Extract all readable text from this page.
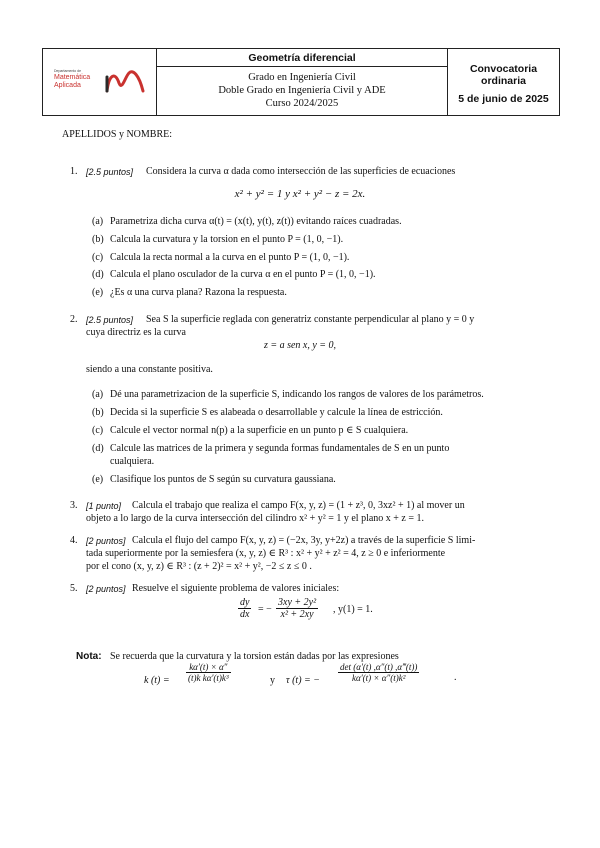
Departamento de
Matemática
Aplicada
Geometría diferencial
Grado en Ingeniería Civil
Doble Grado en Ingeniería Civil y ADE
Curso 2024/2025
Convocatoria ordinaria
5 de junio de 2025
APELLIDOS y NOMBRE:
1. [2.5 puntos] Considera la curva α dada como intersección de las superficies de ecuaciones
x² + y² = 1 y x² + y² − z = 2x.
(a) Parametriza dicha curva α(t) = (x(t), y(t), z(t)) evitando raíces cuadradas.
(b) Calcula la curvatura y la torsion en el punto P = (1, 0, −1).
(c) Calcula la recta normal a la curva en el punto P = (1, 0, −1).
(d) Calcula el plano osculador de la curva α en el punto P = (1, 0, −1).
(e) ¿Es α una curva plana? Razona la respuesta.
2. [2.5 puntos] Sea S la superficie reglada con generatriz constante perpendicular al plano y = 0 y
cuya directriz es la curva
z = a sen x, y = 0,
siendo a una constante positiva.
(a) Dé una parametrizacion de la superficie S, indicando los rangos de valores de los parámetros.
(b) Decida si la superficie S es alabeada o desarrollable y calcule la línea de estricción.
(c) Calcule el vector normal n(p) a la superficie en un punto p ∈ S cualquiera.
(d) Calcule las matrices de la primera y segunda formas fundamentales de S en un punto
cualquiera.
(e) Clasifique los puntos de S según su curvatura gaussiana.
3. [1 punto] Calcula el trabajo que realiza el campo F(x, y, z) = (1 + z³, 0, 3xz² + 1) al mover un
objeto a lo largo de la curva intersección del cilindro x² + y² = 1 y el plano x + z = 1.
4. [2 puntos] Calcula el flujo del campo F(x, y, z) = (−2x, 3y, y+2z) a través de la superficie S limi-
tada superiormente por la semiesfera (x, y, z) ∈ R³ : x² + y² + z² = 4, z ≥ 0 e inferiormente
por el cono (x, y, z) ∈ R³ : (z + 2)² = x² + y², −2 ≤ z ≤ 0 .
5. [2 puntos] Resuelve el siguiente problema de valores iniciales:
$\frac{dy}{dx}$ = − $\frac{\text{3xy + 2y²}}{\text{x² + 2xy}}$ , y(1) = 1.
Nota: Se recuerda que la curvatura y la torsion están dadas por las expresiones
k $(t) = \frac{k\alpha'(t) \times \alpha''}{\text{(t)k kα′(t)k³}}$	y τ (t) = −
det (α′(t) ,α″(t) ,α‴(t))
kα′(t) × α″(t)k²	.
